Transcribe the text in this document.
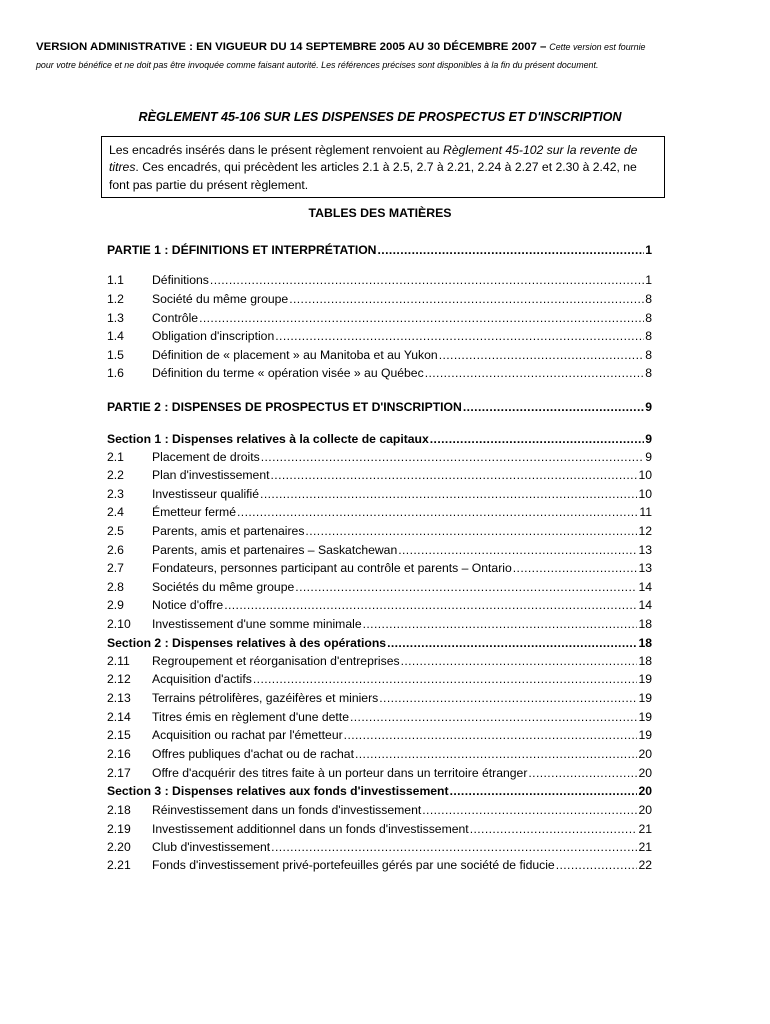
VERSION ADMINISTRATIVE : EN VIGUEUR DU 14 SEPTEMBRE 2005 AU 30 DÉCEMBRE 2007 – Cette version est fournie
pour votre bénéfice et ne doit pas être invoquée comme faisant autorité. Les références précises sont disponibles à la fin du présent document.
RÈGLEMENT 45-106 SUR LES DISPENSES DE PROSPECTUS ET D'INSCRIPTION
Les encadrés insérés dans le présent règlement renvoient au Règlement 45-102 sur la revente de titres. Ces encadrés, qui précèdent les articles 2.1 à 2.5, 2.7 à 2.21, 2.24 à 2.27 et 2.30 à 2.42, ne font pas partie du présent règlement.
TABLES DES MATIÈRES
PARTIE 1 : DÉFINITIONS ET INTERPRÉTATION .....	1
1.1	Définitions .....	1
1.2	Société du même groupe .....	8
1.3	Contrôle .....	8
1.4	Obligation d'inscription .....	8
1.5	Définition de « placement » au Manitoba et au Yukon .....	8
1.6	Définition du terme « opération visée » au Québec .....	8
PARTIE 2 : DISPENSES DE PROSPECTUS ET D'INSCRIPTION .....	9
Section 1 : Dispenses relatives à la collecte de capitaux .....	9
2.1	Placement de droits .....	9
2.2	Plan d'investissement .....	10
2.3	Investisseur qualifié .....	10
2.4	Émetteur fermé .....	11
2.5	Parents, amis et partenaires .....	12
2.6	Parents, amis et partenaires – Saskatchewan .....	13
2.7	Fondateurs, personnes participant au contrôle et parents – Ontario .....	13
2.8	Sociétés du même groupe .....	14
2.9	Notice d'offre .....	14
2.10	Investissement d'une somme minimale .....	18
Section 2 : Dispenses relatives à des opérations .....	18
2.11	Regroupement et réorganisation d'entreprises .....	18
2.12	Acquisition d'actifs .....	19
2.13	Terrains pétrolifères, gazéifères et miniers .....	19
2.14	Titres émis en règlement d'une dette .....	19
2.15	Acquisition ou rachat par l'émetteur .....	19
2.16	Offres publiques d'achat ou de rachat .....	20
2.17	Offre d'acquérir des titres faite à un porteur dans un territoire étranger .....	20
Section 3 : Dispenses relatives aux fonds d'investissement .....	20
2.18	Réinvestissement dans un fonds d'investissement .....	20
2.19	Investissement additionnel dans un fonds d'investissement .....	21
2.20	Club d'investissement .....	21
2.21	Fonds d'investissement privé-portefeuilles gérés par une société de fiducie .....	22
